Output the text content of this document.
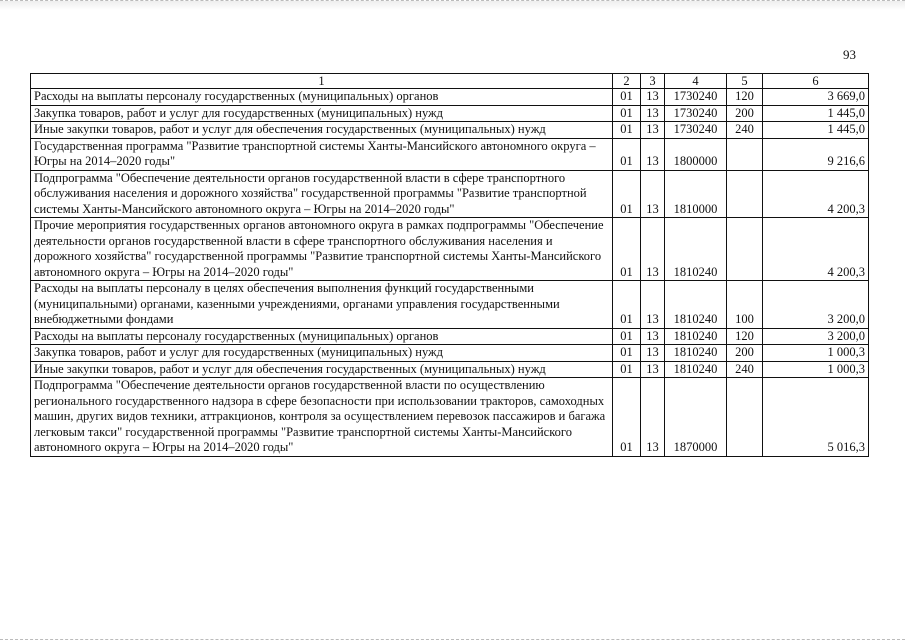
93
1	2	3	4	5	6
Расходы на выплаты персоналу государственных (муниципальных) органов	01	13	1730240	120	3 669,0
Закупка товаров, работ и услуг для государственных (муниципальных) нужд	01	13	1730240	200	1 445,0
Иные закупки товаров, работ и услуг для обеспечения государственных (муниципальных) нужд	01	13	1730240	240	1 445,0
Государственная программа "Развитие транспортной системы Ханты-Мансийского автономного округа – Югры на 2014–2020 годы"	01	13	1800000		9 216,6
Подпрограмма "Обеспечение деятельности органов государственной власти в сфере транспортного обслуживания населения и дорожного хозяйства" государственной программы "Развитие транспортной системы Ханты-Мансийского автономного округа – Югры на 2014–2020 годы"	01	13	1810000		4 200,3
Прочие мероприятия государственных органов автономного округа в рамках подпрограммы "Обеспечение деятельности органов государственной власти в сфере транспортного обслуживания населения и дорожного хозяйства" государственной программы "Развитие транспортной системы Ханты-Мансийского автономного округа – Югры на 2014–2020 годы"	01	13	1810240		4 200,3
Расходы на выплаты персоналу в целях обеспечения выполнения функций государственными (муниципальными) органами, казенными учреждениями, органами управления государственными внебюджетными фондами	01	13	1810240	100	3 200,0
Расходы на выплаты персоналу государственных (муниципальных) органов	01	13	1810240	120	3 200,0
Закупка товаров, работ и услуг для государственных (муниципальных) нужд	01	13	1810240	200	1 000,3
Иные закупки товаров, работ и услуг для обеспечения государственных (муниципальных) нужд	01	13	1810240	240	1 000,3
Подпрограмма "Обеспечение деятельности органов государственной власти по осуществлению регионального государственного надзора в сфере безопасности при использовании тракторов, самоходных машин, других видов техники, аттракционов, контроля за осуществлением перевозок пассажиров и багажа легковым такси" государственной программы "Развитие транспортной системы Ханты-Мансийского автономного округа – Югры на 2014–2020 годы"	01	13	1870000		5 016,3
